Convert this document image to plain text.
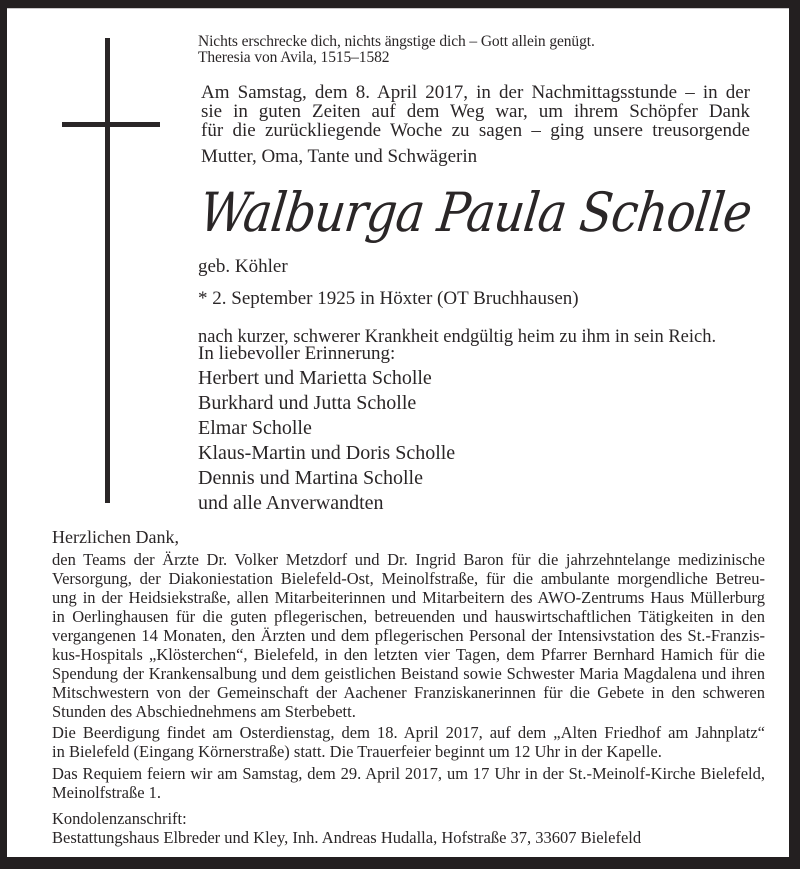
Nichts erschrecke dich, nichts ängstige dich – Gott allein genügt.
Theresia von Avila, 1515–1582
Am Samstag, dem 8. April 2017, in der Nachmittagsstunde – in der
sie in guten Zeiten auf dem Weg war, um ihrem Schöpfer Dank
für die zurückliegende Woche zu sagen – ging unsere treusorgende
Mutter, Oma, Tante und Schwägerin
Walburga Paula Scholle
geb. Köhler
* 2. September 1925 in Höxter (OT Bruchhausen)
nach kurzer, schwerer Krankheit endgültig heim zu ihm in sein Reich.
In liebevoller Erinnerung:
Herbert und Marietta Scholle
Burkhard und Jutta Scholle
Elmar Scholle
Klaus-Martin und Doris Scholle
Dennis und Martina Scholle
und alle Anverwandten
Herzlichen Dank,
den Teams der Ärzte Dr. Volker Metzdorf und Dr. Ingrid Baron für die jahrzehntelange medizinische
Versorgung, der Diakoniestation Bielefeld-Ost, Meinolfstraße, für die ambulante morgendliche Betreu-
ung in der Heidsiekstraße, allen Mitarbeiterinnen und Mitarbeitern des AWO-Zentrums Haus Müllerburg
in Oerlinghausen für die guten pflegerischen, betreuenden und hauswirtschaftlichen Tätigkeiten in den
vergangenen 14 Monaten, den Ärzten und dem pflegerischen Personal der Intensivstation des St.-Franzis-
kus-Hospitals „Klösterchen“, Bielefeld, in den letzten vier Tagen, dem Pfarrer Bernhard Hamich für die
Spendung der Krankensalbung und dem geistlichen Beistand sowie Schwester Maria Magdalena und ihren
Mitschwestern von der Gemeinschaft der Aachener Franziskanerinnen für die Gebete in den schweren
Stunden des Abschiednehmens am Sterbebett.
Die Beerdigung findet am Osterdienstag, dem 18. April 2017, auf dem „Alten Friedhof am Jahnplatz“
in Bielefeld (Eingang Körnerstraße) statt. Die Trauerfeier beginnt um 12 Uhr in der Kapelle.
Das Requiem feiern wir am Samstag, dem 29. April 2017, um 17 Uhr in der St.-Meinolf-Kirche Bielefeld,
Meinolfstraße 1.
Kondolenzanschrift:
Bestattungshaus Elbreder und Kley, Inh. Andreas Hudalla, Hofstraße 37, 33607 Bielefeld
